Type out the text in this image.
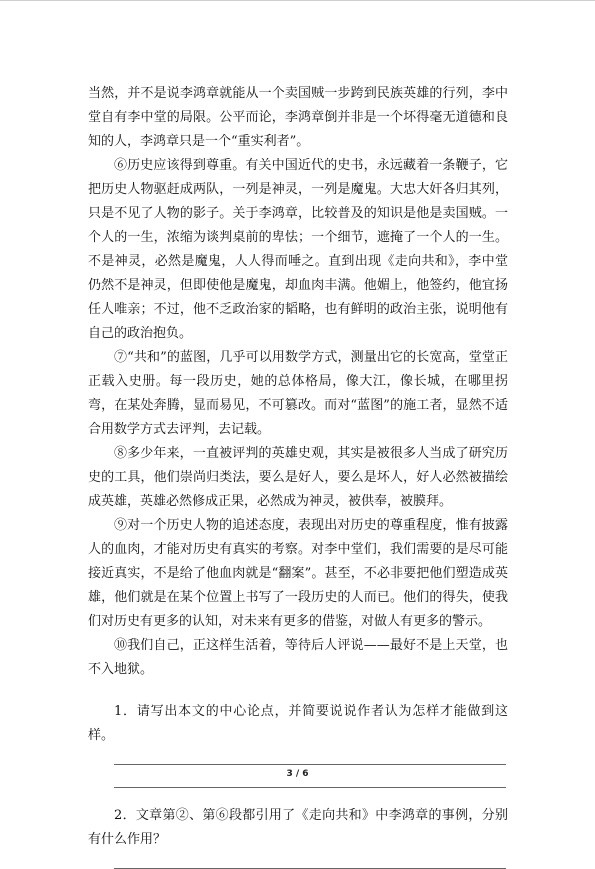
当然，并不是说李鸿章就能从一个卖国贼一步跨到民族英雄的行列，李中堂自有李中堂的局限。公平而论，李鸿章倒并非是一个坏得毫无道德和良知的人，李鸿章只是一个“重实利者”。

⑥历史应该得到尊重。有关中国近代的史书，永远藏着一条鞭子，它把历史人物驱赶成两队，一列是神灵，一列是魔鬼。大忠大奸各归其列，只是不见了人物的影子。关于李鸿章，比较普及的知识是他是卖国贼。一个人的一生，浓缩为谈判桌前的卑怯；一个细节，遮掩了一个人的一生。不是神灵，必然是魔鬼，人人得而唾之。直到出现《走向共和》，李中堂仍然不是神灵，但即使他是魔鬼，却血肉丰满。他媚上，他签约，他宜扬任人唯亲；不过，他不乏政治家的韬略，也有鲜明的政治主张，说明他有自己的政治抱负。

⑦“共和”的蓝图，几乎可以用数学方式，测量出它的长宽高，堂堂正正载入史册。每一段历史，她的总体格局，像大江，像长城，在哪里拐弯，在某处奔腾，显而易见，不可篡改。而对“蓝图”的施工者，显然不适合用数学方式去评判，去记载。

⑧多少年来，一直被评判的英雄史观，其实是被很多人当成了研究历史的工具，他们崇尚归类法，要么是好人，要么是坏人，好人必然被描绘成英雄，英雄必然修成正果，必然成为神灵，被供奉，被膜拜。

⑨对一个历史人物的追述态度，表现出对历史的尊重程度，惟有披露人的血肉，才能对历史有真实的考察。对李中堂们，我们需要的是尽可能接近真实，不是给了他血肉就是“翻案”。甚至，不必非要把他们塑造成英雄，他们就是在某个位置上书写了一段历史的人而已。他们的得失，使我们对历史有更多的认知，对未来有更多的借鉴，对做人有更多的警示。

⑩我们自己，正这样生活着，等待后人评说——最好不是上天堂，也不入地狱。

1．请写出本文的中心论点，并简要说说作者认为怎样才能做到这样。

2．文章第②、第⑥段都引用了《走向共和》中李鸿章的事例，分别有什么作用？

3 / 6
